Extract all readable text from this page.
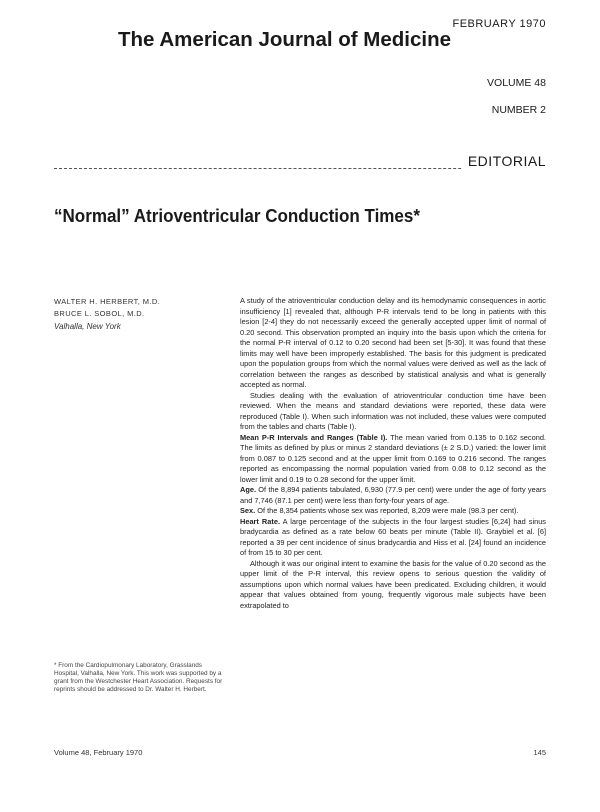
FEBRUARY 1970
The American Journal of Medicine
VOLUME 48
NUMBER 2
EDITORIAL
“Normal” Atrioventricular Conduction Times*
WALTER H. HERBERT, M.D.
BRUCE L. SOBOL, M.D.
Valhalla, New York

A study of the atrioventricular conduction delay and its hemodynamic consequences in aortic insufficiency [1] revealed that, although P-R intervals tend to be long in patients with this lesion [2-4] they do not necessarily exceed the generally accepted upper limit of normal of 0.20 second. This observation prompted an inquiry into the basis upon which the criteria for the normal P-R interval of 0.12 to 0.20 second had been set [5-30]. It was found that these limits may well have been improperly established. The basis for this judgment is predicated upon the population groups from which the normal values were derived as well as the lack of correlation between the ranges as described by statistical analysis and what is generally accepted as normal.

Studies dealing with the evaluation of atrioventricular conduction time have been reviewed. When the means and standard deviations were reported, these data were reproduced (Table I). When such information was not included, these values were computed from the tables and charts (Table I).

Mean P-R Intervals and Ranges (Table I). The mean varied from 0.135 to 0.162 second. The limits as defined by plus or minus 2 standard deviations (± 2 S.D.) varied: the lower limit from 0.087 to 0.125 second and at the upper limit from 0.169 to 0.216 second. The ranges reported as encompassing the normal population varied from 0.08 to 0.12 second as the lower limit and 0.19 to 0.28 second for the upper limit.

Age. Of the 8,894 patients tabulated, 6,930 (77.9 per cent) were under the age of forty years and 7,746 (87.1 per cent) were less than forty-four years of age.

Sex. Of the 8,354 patients whose sex was reported, 8,209 were male (98.3 per cent).

Heart Rate. A large percentage of the subjects in the four largest studies [6,24] had sinus bradycardia as defined as a rate below 60 beats per minute (Table II). Graybiel et al. [6] reported a 39 per cent incidence of sinus bradycardia and Hiss et al. [24] found an incidence of from 15 to 30 per cent.

Although it was our original intent to examine the basis for the value of 0.20 second as the upper limit of the P-R interval, this review opens to serious question the validity of assumptions upon which normal values have been predicated. Excluding children, it would appear that values obtained from young, frequently vigorous male subjects have been extrapolated to

* From the Cardiopulmonary Laboratory, Grasslands Hospital, Valhalla, New York. This work was supported by a grant from the Westchester Heart Association. Requests for reprints should be addressed to Dr. Walter H. Herbert.
Volume 48, February 1970	145
